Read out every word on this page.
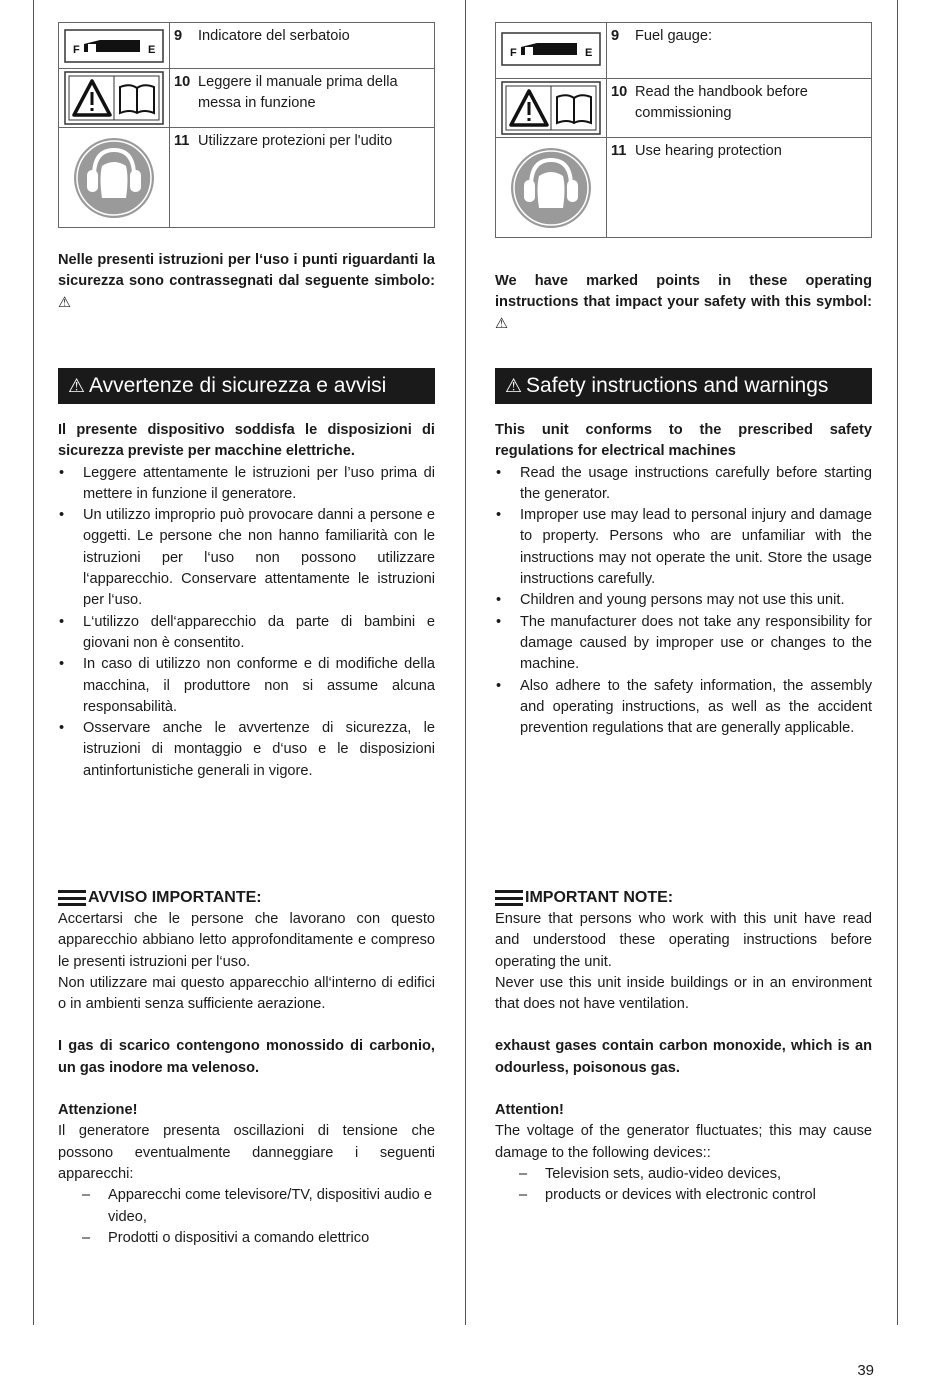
F E	9 Indicatore del serbatoio

	10 Leggere il manuale prima della messa in funzione

	11 Utilizzare protezioni per l'udito

Nelle presenti istruzioni per l‘uso i punti riguardanti la sicurezza sono contrassegnati dal seguente simbolo: ⚠

⚠ Avvertenze di sicurezza e avvisi

Il presente dispositivo soddisfa le disposizioni di sicurezza previste per macchine elettriche.

• Leggere attentamente le istruzioni per l’uso prima di mettere in funzione il generatore.
• Un utilizzo improprio può provocare danni a persone e oggetti. Le persone che non hanno familiarità con le istruzioni per l‘uso non possono utilizzare l‘apparecchio. Conservare attentamente le istruzioni per l‘uso.
• L‘utilizzo dell‘apparecchio da parte di bambini e giovani non è consentito.
• In caso di utilizzo non conforme e di modifiche della macchina, il produttore non si assume alcuna responsabilità.
• Osservare anche le avvertenze di sicurezza, le istruzioni di montaggio e d‘uso e le disposizioni antinfortunistiche generali in vigore.
AVVISO IMPORTANTE:

Accertarsi che le persone che lavorano con questo apparecchio abbiano letto approfonditamente e compreso le presenti istruzioni per l‘uso.

Non utilizzare mai questo apparecchio all‘interno di edifici o in ambienti senza sufficiente aerazione.

I gas di scarico contengono monossido di carbonio, un gas inodore ma velenoso.

Attenzione!

Il generatore presenta oscillazioni di tensione che possono eventualmente danneggiare i seguenti apparecchi:

– Apparecchi come televisore/TV, dispositivi audio e video,
– Prodotti o dispositivi a comando elettrico
F E	9 Fuel gauge:

	10 Read the handbook before commissioning

	11 Use hearing protection

We have marked points in these operating instructions that impact your safety with this symbol: ⚠

⚠ Safety instructions and warnings

This unit conforms to the prescribed safety regulations for electrical machines

• Read the usage instructions carefully before starting the generator.
• Improper use may lead to personal injury and damage to property. Persons who are unfamiliar with the instructions may not operate the unit. Store the usage instructions carefully.
• Children and young persons may not use this unit.
• The manufacturer does not take any responsibility for damage caused by improper use or changes to the machine.
• Also adhere to the safety information, the assembly and operating instructions, as well as the accident prevention regulations that are generally applicable.
IMPORTANT NOTE:

Ensure that persons who work with this unit have read and understood these operating instructions before operating the unit.

Never use this unit inside buildings or in an environment that does not have ventilation.

exhaust gases contain carbon monoxide, which is an odourless, poisonous gas.

Attention!

The voltage of the generator fluctuates; this may cause damage to the following devices::

– Television sets, audio-video devices,
– products or devices with electronic control
39
